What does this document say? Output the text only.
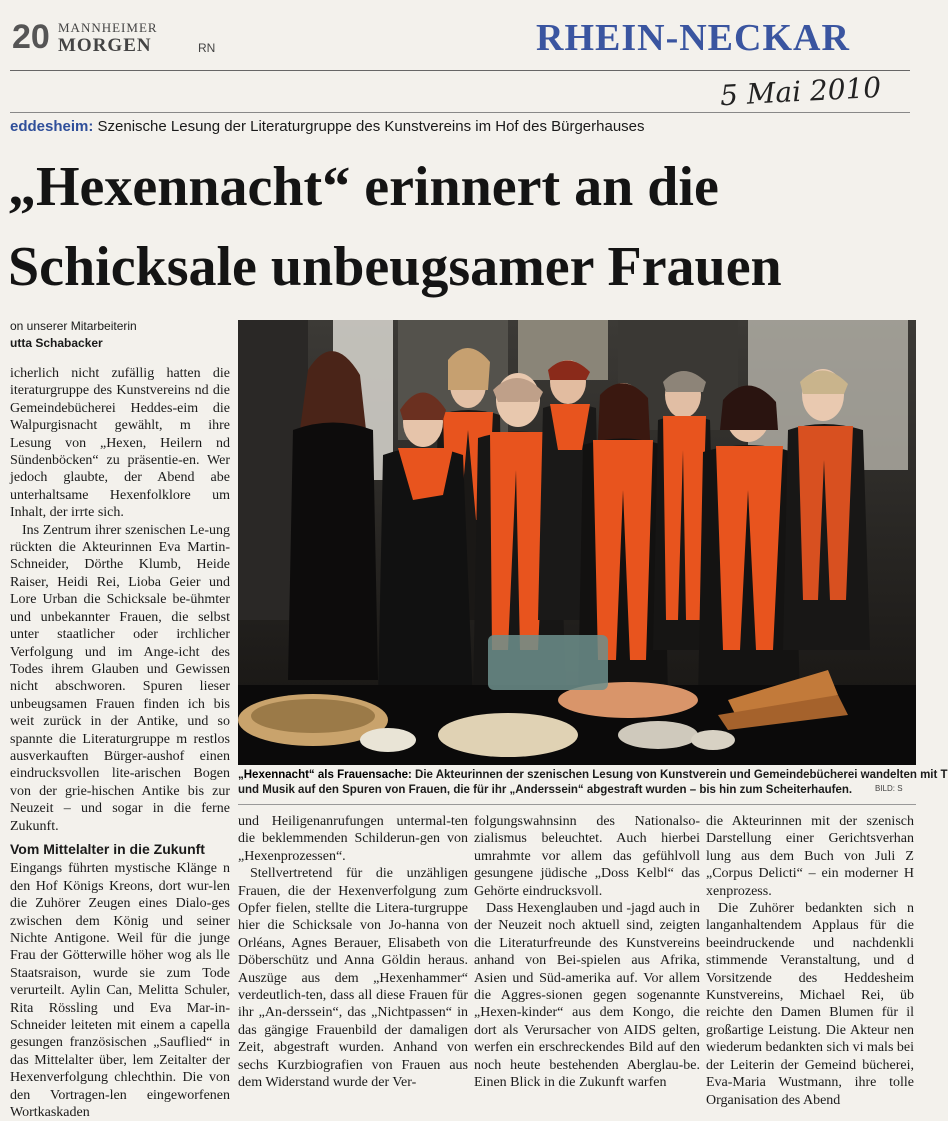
20 MANNHEIMER
MORGEN	RN	RHEIN-NECKAR
5 Mai 2010
eddesheim: Szenische Lesung der Literaturgruppe des Kunstvereins im Hof des Bürgerhauses
„Hexennacht“ erinnert an die
Schicksale unbeugsamer Frauen
on unserer Mitarbeiterin
utta Schabacker

icherlich nicht zufällig hatten die iteraturgruppe des Kunstvereins nd die Gemeindebücherei Heddes-eim die Walpurgisnacht gewählt, m ihre Lesung von „Hexen, Heilern nd Sündenböcken“ zu präsentie-en. Wer jedoch glaubte, der Abend abe unterhaltsame Hexenfolklore um Inhalt, der irrte sich.

Ins Zentrum ihrer szenischen Le-ung rückten die Akteurinnen Eva Martin-Schneider, Dörthe Klumb, Heide Raiser, Heidi Rei, Lioba Geier und Lore Urban die Schicksale be-ühmter und unbekannter Frauen, die selbst unter staatlicher oder irchlicher Verfolgung und im Ange-icht des Todes ihrem Glauben und Gewissen nicht abschworen. Spuren lieser unbeugsamen Frauen finden ich bis weit zurück in der Antike, und so spannte die Literaturgruppe m restlos ausverkauften Bürger-aushof einen eindrucksvollen lite-arischen Bogen von der grie-hischen Antike bis zur Neuzeit – und sogar in die ferne Zukunft.

Vom Mittelalter in die Zukunft

Eingangs führten mystische Klänge n den Hof Königs Kreons, dort wur-len die Zuhörer Zeugen eines Dialo-ges zwischen dem König und seiner Nichte Antigone. Weil für die junge Frau der Götterwille höher wog als lle Staatsraison, wurde sie zum Tode verurteilt. Aylin Can, Melitta Schuler, Rita Rössling und Eva Mar-in-Schneider leiteten mit einem a capella gesungen französischen „Sauflied“ in das Mittelalter über, lem Zeitalter der Hexenverfolgung chlechthin. Die von den Vortragen-len eingeworfenen Wortkaskaden

„Hexennacht“ als Frauensache: Die Akteurinnen der szenischen Lesung von Kunstverein und Gemeindebücherei wandelten mit T
und Musik auf den Spuren von Frauen, die für ihr „Anderssein“ abgestraft wurden – bis hin zum Scheiterhaufen.	BILD: S

und Heiligenanrufungen untermal-ten die beklemmenden Schilderun-gen von „Hexenprozessen“.

Stellvertretend für die unzähligen Frauen, die der Hexenverfolgung zum Opfer fielen, stellte die Litera-turgruppe hier die Schicksale von Jo-hanna von Orléans, Agnes Berauer, Elisabeth von Döberschütz und Anna Göldin heraus. Auszüge aus dem „Hexenhammer“ verdeutlich-ten, dass all diese Frauen für ihr „An-derssein“, das „Nichtpassen“ in das gängige Frauenbild der damaligen Zeit, abgestraft wurden. Anhand von sechs Kurzbiografien von Frauen aus dem Widerstand wurde der Ver-

folgungswahnsinn des Nationalso-zialismus beleuchtet. Auch hierbei umrahmte vor allem das gefühlvoll gesungene jüdische „Doss Kelbl“ das Gehörte eindrucksvoll.

Dass Hexenglauben und -jagd auch in der Neuzeit noch aktuell sind, zeigten die Literaturfreunde des Kunstvereins anhand von Bei-spielen aus Afrika, Asien und Süd-amerika auf. Vor allem die Aggres-sionen gegen sogenannte „Hexen-kinder“ aus dem Kongo, die dort als Verursacher von AIDS gelten, werfen ein erschreckendes Bild auf den noch heute bestehenden Aberglau-be. Einen Blick in die Zukunft warfen

die Akteurinnen mit der szenisch Darstellung einer Gerichtsverhan lung aus dem Buch von Juli Z „Corpus Delicti“ – ein moderner H xenprozess.

Die Zuhörer bedankten sich n langanhaltendem Applaus für die beeindruckende und nachdenkli stimmende Veranstaltung, und d Vorsitzende des Heddesheim Kunstvereins, Michael Rei, üb reichte den Damen Blumen für il großartige Leistung. Die Akteur nen wiederum bedankten sich vi mals bei der Leiterin der Gemeind bücherei, Eva-Maria Wustmann, ihre tolle Organisation des Abend
